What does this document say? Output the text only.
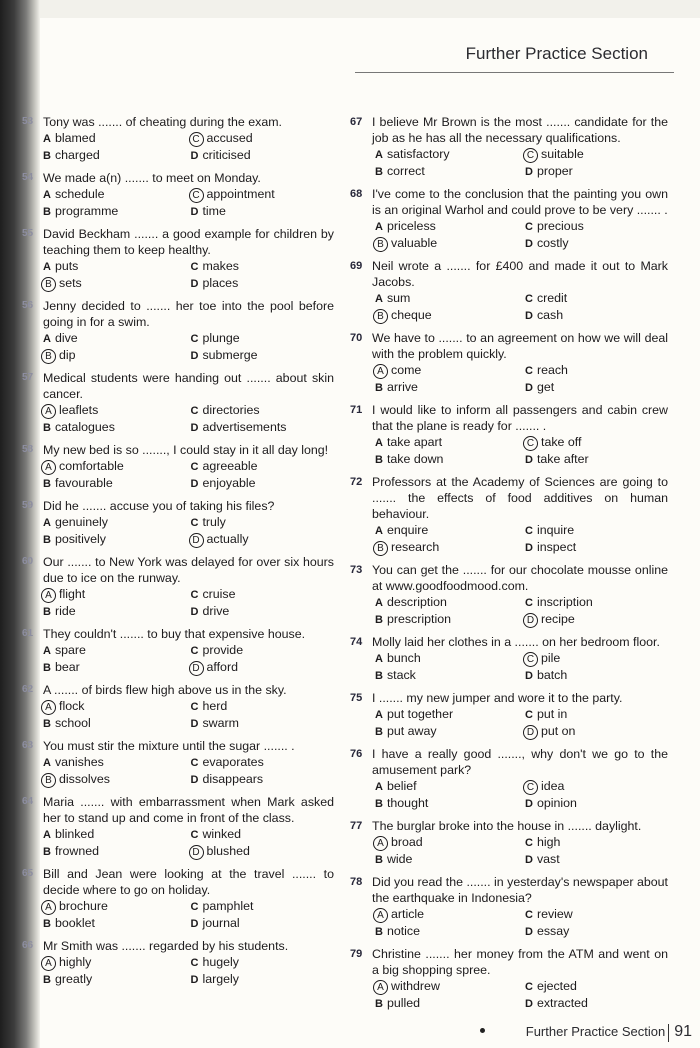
Further Practice Section
53 Tony was ....... of cheating during the exam.
A blamed	C accused
B charged	D criticised
54 We made a(n) ....... to meet on Monday.
A schedule	C appointment
B programme	D time
55 David Beckham ....... a good example for children by teaching them to keep healthy.
A puts	C makes
B sets	D places
56 Jenny decided to ....... her toe into the pool before going in for a swim.
A dive	C plunge
B dip	D submerge
57 Medical students were handing out ....... about skin cancer.
A leaflets	C directories
B catalogues	D advertisements
58 My new bed is so ......., I could stay in it all day long!
A comfortable	C agreeable
B favourable	D enjoyable
59 Did he ....... accuse you of taking his files?
A genuinely	C truly
B positively	D actually
60 Our ....... to New York was delayed for over six hours due to ice on the runway.
A flight	C cruise
B ride	D drive
61 They couldn't ....... to buy that expensive house.
A spare	C provide
B bear	D afford
62 A ....... of birds flew high above us in the sky.
A flock	C herd
B school	D swarm
63 You must stir the mixture until the sugar ....... .
A vanishes	C evaporates
B dissolves	D disappears
64 Maria ....... with embarrassment when Mark asked her to stand up and come in front of the class.
A blinked	C winked
B frowned	D blushed
65 Bill and Jean were looking at the travel ....... to decide where to go on holiday.
A brochure	C pamphlet
B booklet	D journal
66 Mr Smith was ....... regarded by his students.
A highly	C hugely
B greatly	D largely
67 I believe Mr Brown is the most ....... candidate for the job as he has all the necessary qualifications.
A satisfactory	C suitable
B correct	D proper
68 I've come to the conclusion that the painting you own is an original Warhol and could prove to be very ....... .
A priceless	C precious
B valuable	D costly
69 Neil wrote a ....... for £400 and made it out to Mark Jacobs.
A sum	C credit
B cheque	D cash
70 We have to ....... to an agreement on how we will deal with the problem quickly.
A come	C reach
B arrive	D get
71 I would like to inform all passengers and cabin crew that the plane is ready for ....... .
A take apart	C take off
B take down	D take after
72 Professors at the Academy of Sciences are going to ....... the effects of food additives on human behaviour.
A enquire	C inquire
B research	D inspect
73 You can get the ....... for our chocolate mousse online at www.goodfoodmood.com.
A description	C inscription
B prescription	D recipe
74 Molly laid her clothes in a ....... on her bedroom floor.
A bunch	C pile
B stack	D batch
75 I ....... my new jumper and wore it to the party.
A put together	C put in
B put away	D put on
76 I have a really good ......., why don't we go to the amusement park?
A belief	C idea
B thought	D opinion
77 The burglar broke into the house in ....... daylight.
A broad	C high
B wide	D vast
78 Did you read the ....... in yesterday's newspaper about the earthquake in Indonesia?
A article	C review
B notice	D essay
79 Christine ....... her money from the ATM and went on a big shopping spree.
A withdrew	C ejected
B pulled	D extracted
Further Practice Section 91
